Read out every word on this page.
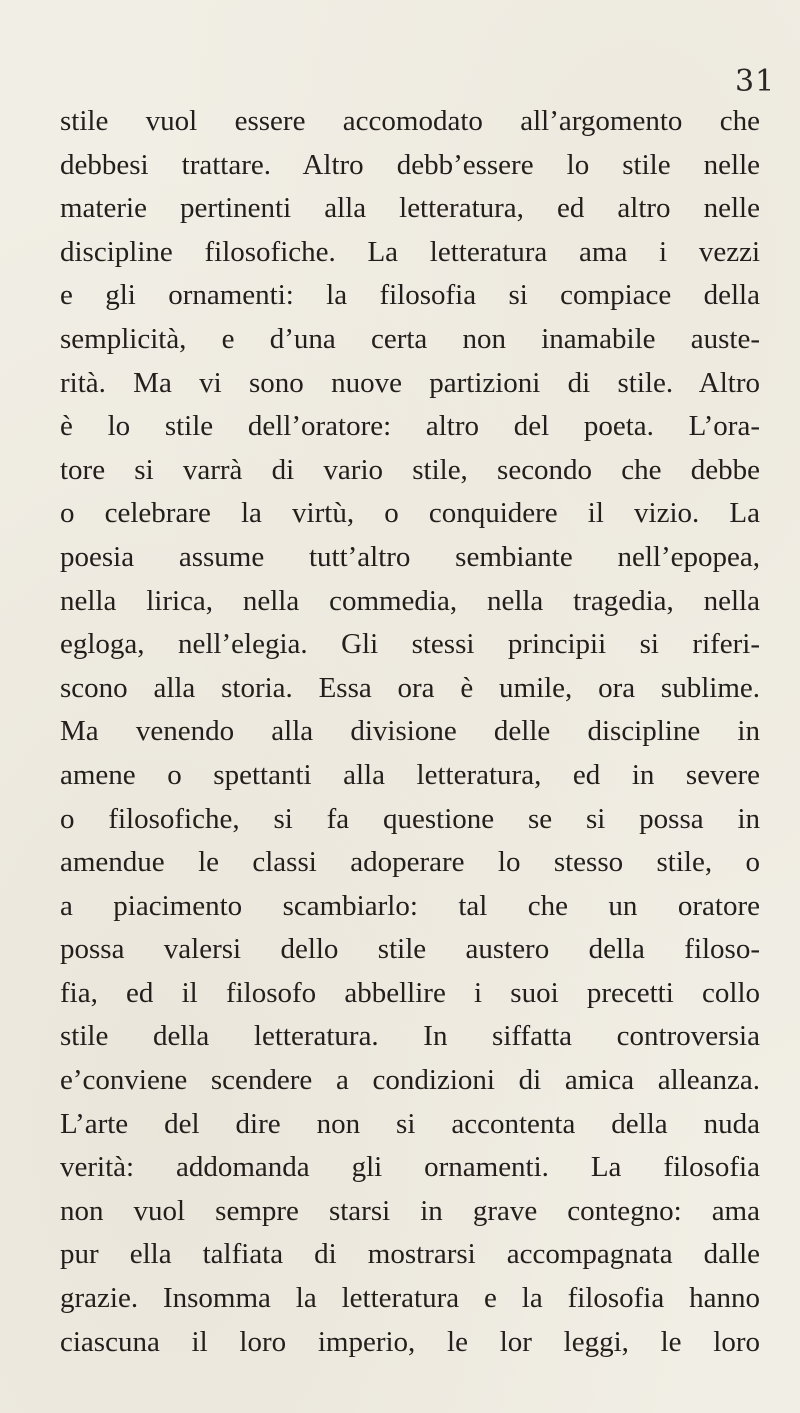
31
stile vuol essere accomodato all’argomento che
debbesi trattare. Altro debb’essere lo stile nelle
materie pertinenti alla letteratura, ed altro nelle
discipline filosofiche. La letteratura ama i vezzi
e gli ornamenti: la filosofia si compiace della
semplicità, e d’una certa non inamabile auste-
rità. Ma vi sono nuove partizioni di stile. Altro
è lo stile dell’oratore: altro del poeta. L’ora-
tore si varrà di vario stile, secondo che debbe
o celebrare la virtù, o conquidere il vizio. La
poesia assume tutt’altro sembiante nell’epopea,
nella lirica, nella commedia, nella tragedia, nella
egloga, nell’elegia. Gli stessi principii si riferi-
scono alla storia. Essa ora è umile, ora sublime.
Ma venendo alla divisione delle discipline in
amene o spettanti alla letteratura, ed in severe
o filosofiche, si fa questione se si possa in
amendue le classi adoperare lo stesso stile, o
a piacimento scambiarlo: tal che un oratore
possa valersi dello stile austero della filoso-
fia, ed il filosofo abbellire i suoi precetti collo
stile della letteratura. In siffatta controversia
e’conviene scendere a condizioni di amica alleanza.
L’arte del dire non si accontenta della nuda
verità: addomanda gli ornamenti. La filosofia
non vuol sempre starsi in grave contegno: ama
pur ella talfiata di mostrarsi accompagnata dalle
grazie. Insomma la letteratura e la filosofia hanno
ciascuna il loro imperio, le lor leggi, le loro
